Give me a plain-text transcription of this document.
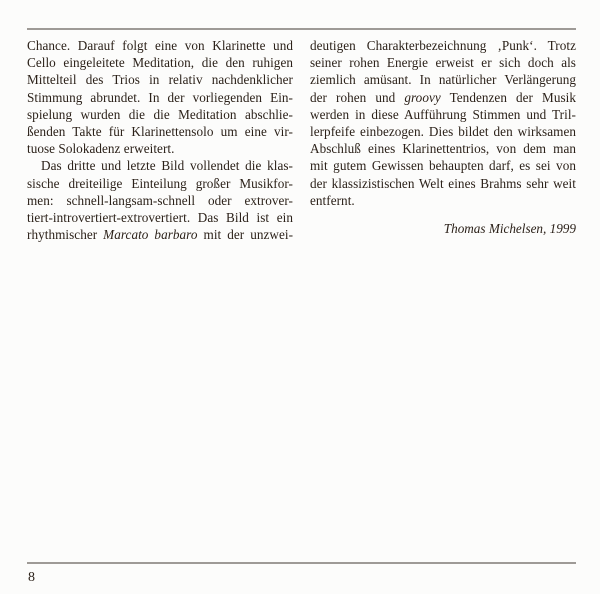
Chance. Darauf folgt eine von Klarinette und
Cello eingeleitete Meditation, die den ruhigen
Mittelteil des Trios in relativ nachdenklicher
Stimmung abrundet. In der vorliegenden Ein-
spielung wurden die die Meditation abschlie-
ßenden Takte für Klarinettensolo um eine vir-
tuose Solokadenz erweitert.
Das dritte und letzte Bild vollendet die klas-
sische dreiteilige Einteilung großer Musikfor-
men: schnell-langsam-schnell oder extrover-
tiert-introvertiert-extrovertiert. Das Bild ist ein
rhythmischer Marcato barbaro mit der unzwei-
deutigen Charakterbezeichnung ‚Punk‘. Trotz
seiner rohen Energie erweist er sich doch als
ziemlich amüsant. In natürlicher Verlängerung
der rohen und groovy Tendenzen der Musik
werden in diese Aufführung Stimmen und Tril-
lerpfeife einbezogen. Dies bildet den wirksamen
Abschluß eines Klarinettentrios, von dem man
mit gutem Gewissen behaupten darf, es sei von
der klassizistischen Welt eines Brahms sehr weit
entfernt.
Thomas Michelsen, 1999
8
